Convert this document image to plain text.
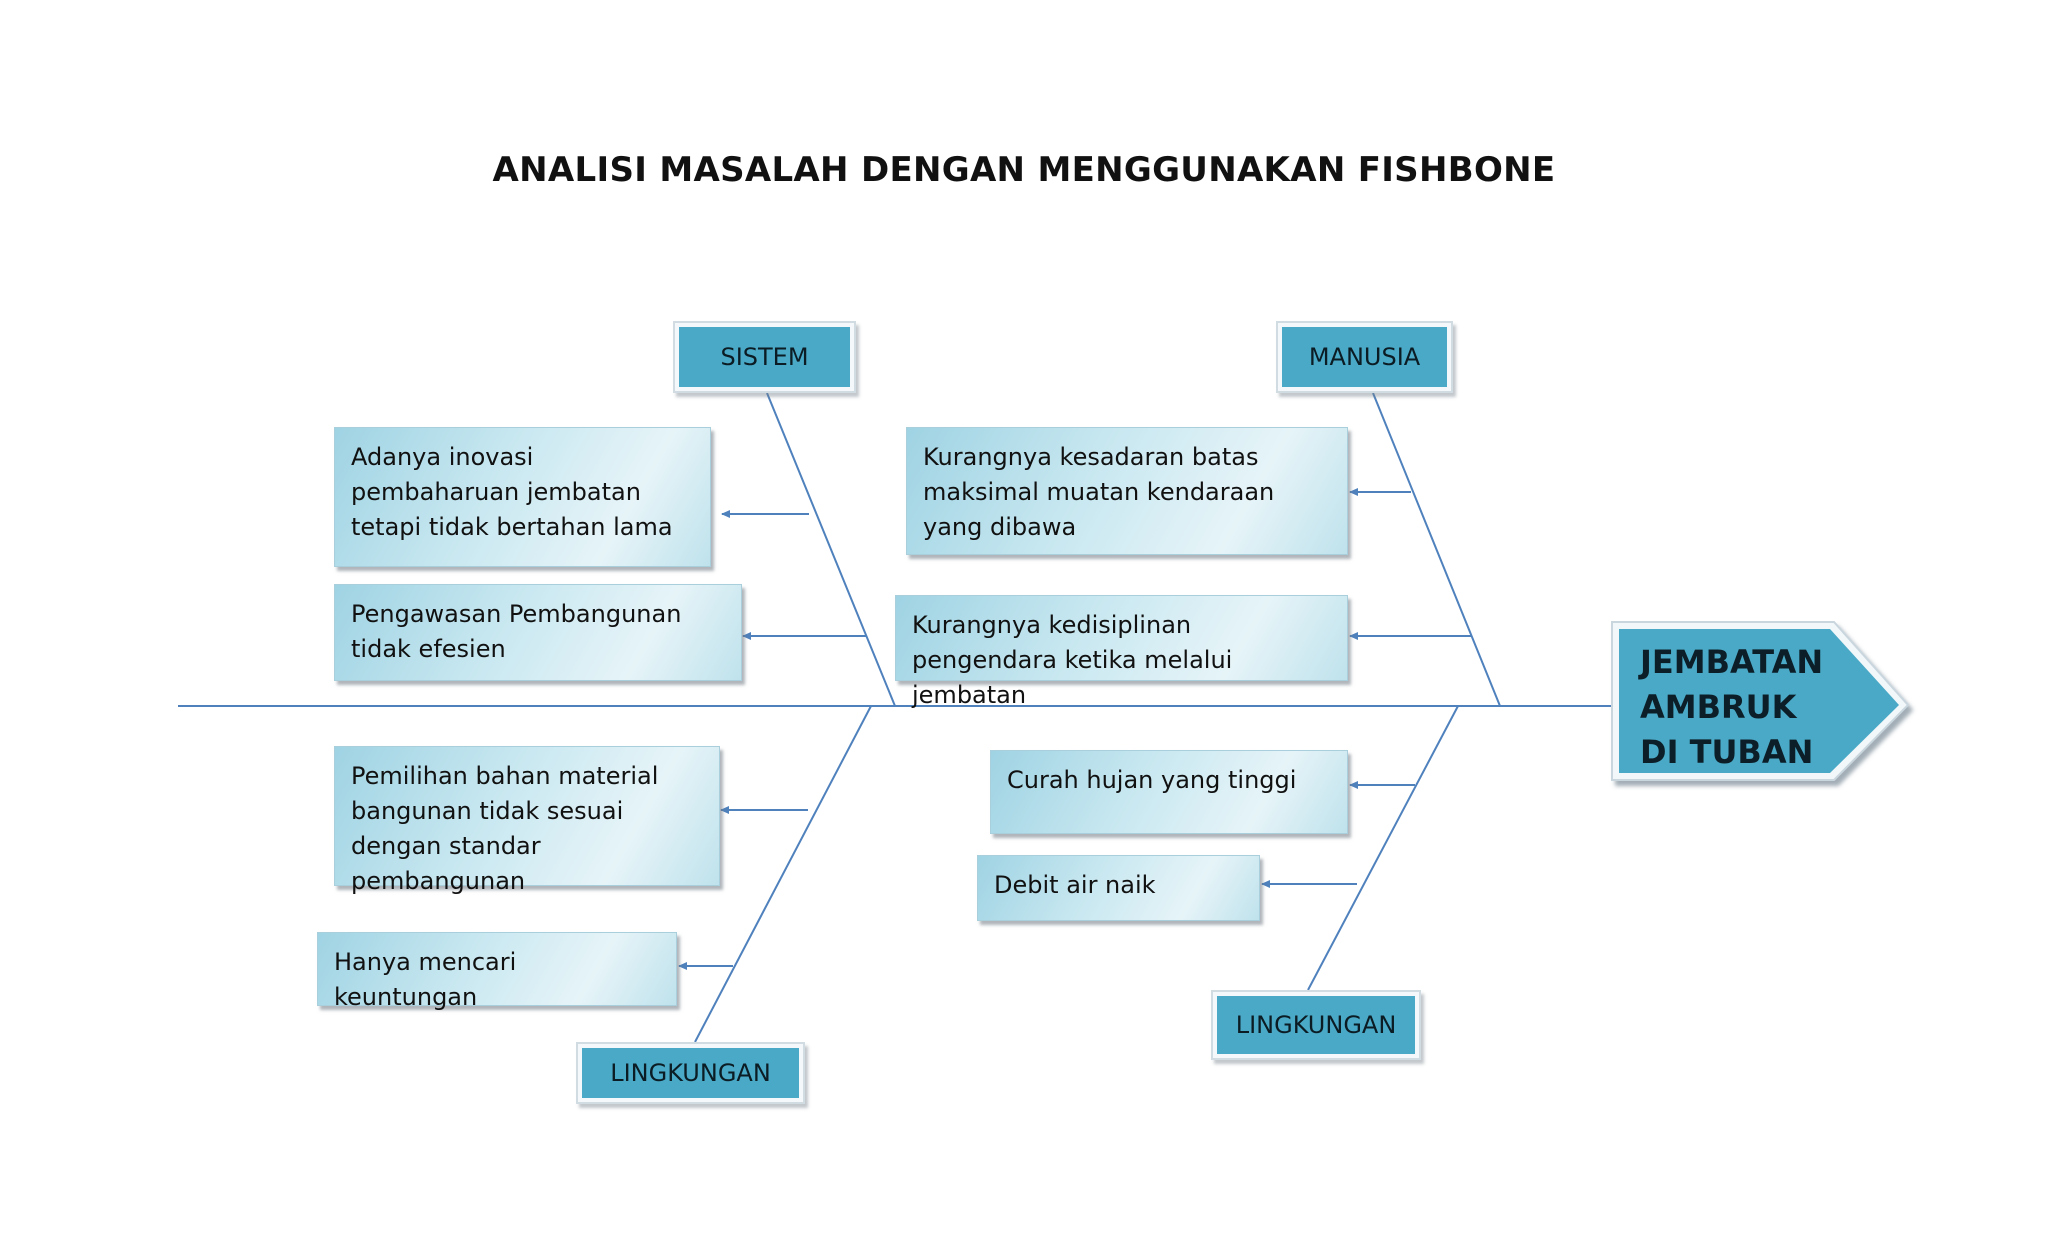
ANALISI MASALAH DENGAN MENGGUNAKAN FISHBONE
JEMBATAN AMBRUK DI TUBAN
SISTEM	MANUSIA
LINGKUNGAN
LINGKUNGAN
Adanya inovasi pembaharuan jembatan tetapi tidak bertahan lama
Pengawasan Pembangunan tidak efesien
Kurangnya kesadaran batas maksimal muatan kendaraan yang dibawa
Kurangnya kedisiplinan pengendara ketika melalui jembatan
Pemilihan bahan material bangunan tidak sesuai dengan standar pembangunan
Hanya mencari keuntungan
Curah hujan yang tinggi
Debit air naik
